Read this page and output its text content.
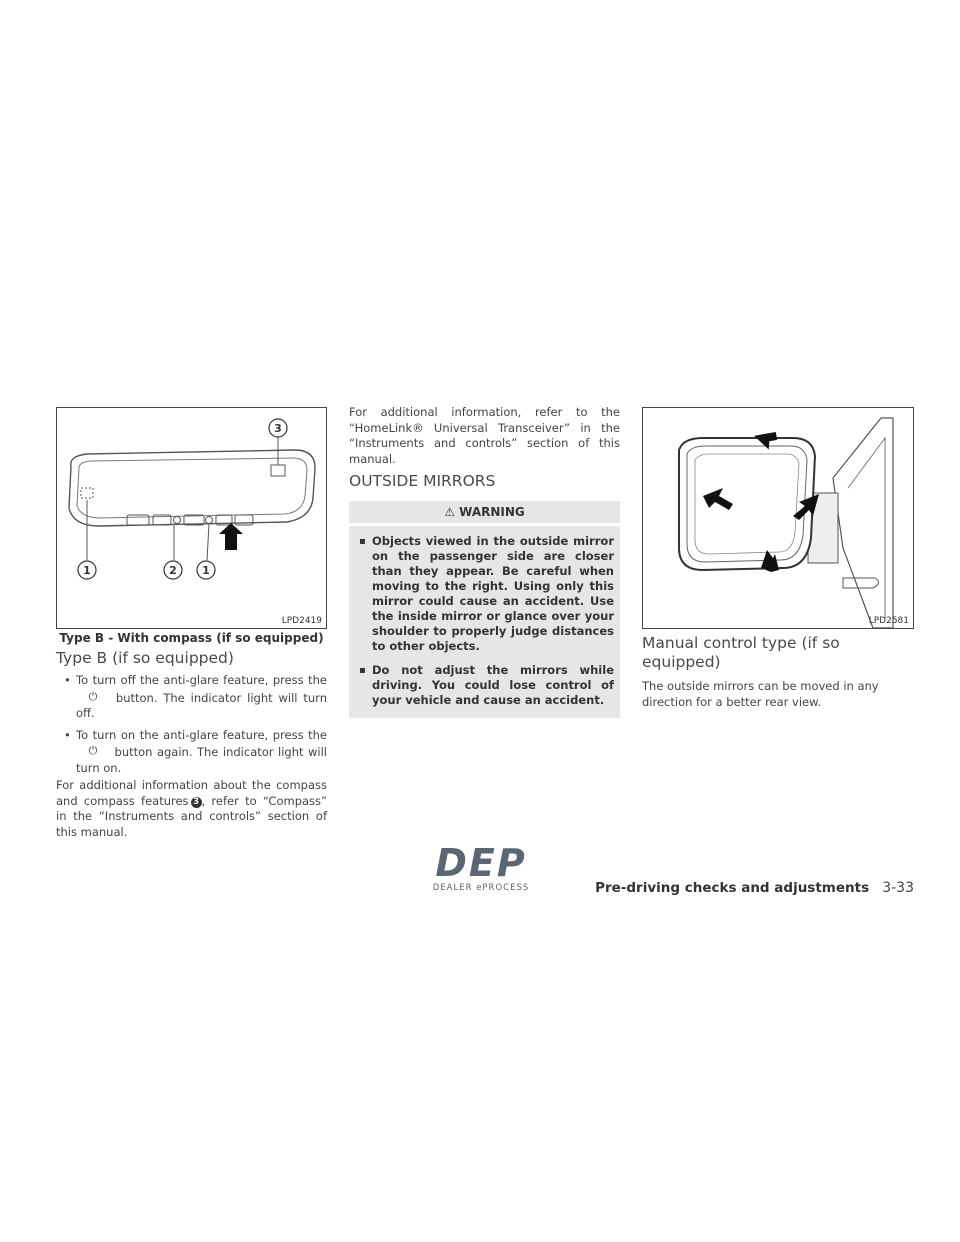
1	2 1
3
LPD2419
Type B - With compass (if so equipped)
Type B (if so equipped)
• To turn off the anti-glare feature, press the ⏻ button. The indicator light will turn off.
• To turn on the anti-glare feature, press the ⏻ button again. The indicator light will turn on.
For additional information about the compass and compass features 3 , refer to “Compass” in the “Instruments and controls” section of this manual.
For additional information, refer to the “HomeLink® Universal Transceiver” in the “Instruments and controls” section of this manual.
OUTSIDE MIRRORS
⚠ WARNING
▪ Objects viewed in the outside mirror on the passenger side are closer than they appear. Be careful when moving to the right. Using only this mirror could cause an accident. Use the inside mirror or glance over your shoulder to properly judge distances to other objects.
▪ Do not adjust the mirrors while driving. You could lose control of your vehicle and cause an accident.
LPD2581
Manual control type (if so equipped)
The outside mirrors can be moved in any direction for a better rear view.
DEP
DEALER ePROCESS	Pre-driving checks and adjustments 3-33
